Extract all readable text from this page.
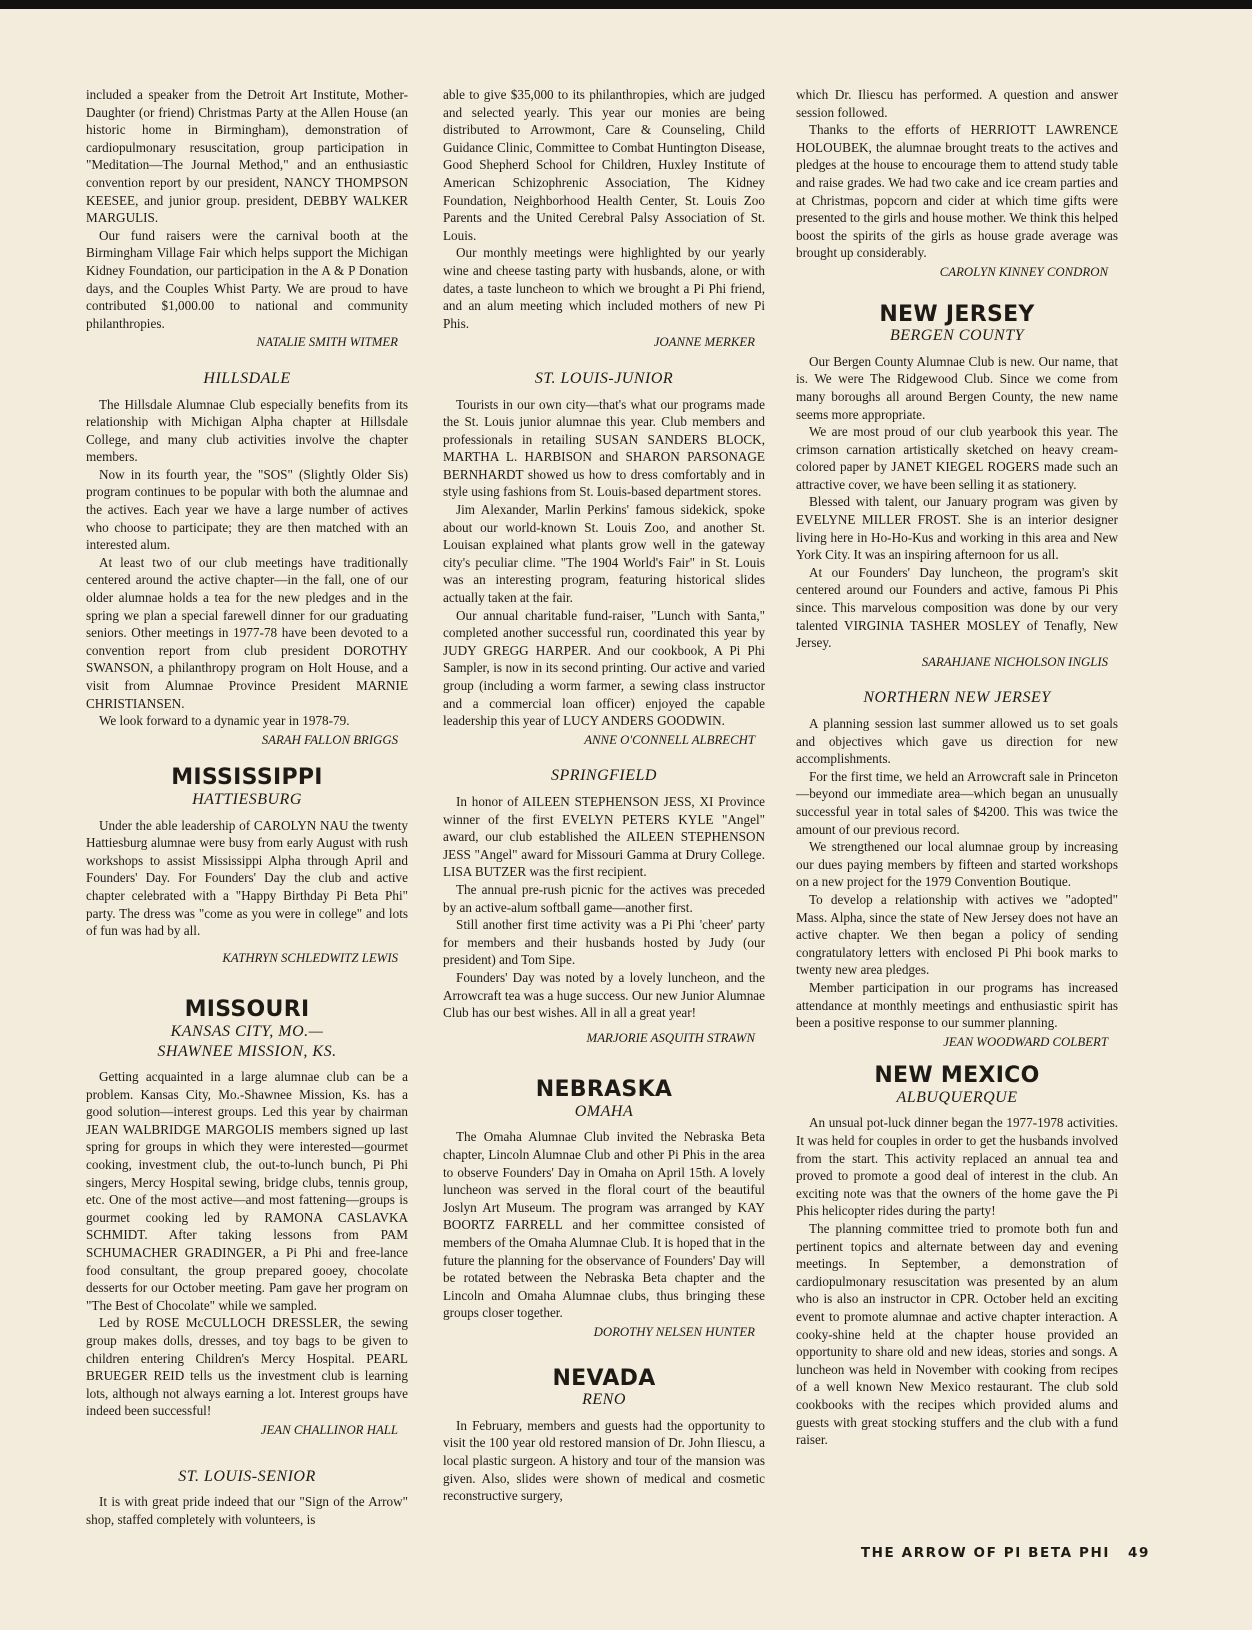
included a speaker from the Detroit Art Institute, Mother-Daughter (or friend) Christmas Party at the Allen House (an historic home in Birmingham), demonstration of cardiopulmonary resuscitation, group participation in "Meditation—The Journal Method," and an enthusiastic convention report by our president, NANCY THOMPSON KEESEE, and junior group. president, DEBBY WALKER MARGULIS.

Our fund raisers were the carnival booth at the Birmingham Village Fair which helps support the Michigan Kidney Foundation, our participation in the A & P Donation days, and the Couples Whist Party. We are proud to have contributed $1,000.00 to national and community philanthropies.

NATALIE SMITH WITMER
HILLSDALE

The Hillsdale Alumnae Club especially benefits from its relationship with Michigan Alpha chapter at Hillsdale College, and many club activities involve the chapter members.

Now in its fourth year, the "SOS" (Slightly Older Sis) program continues to be popular with both the alumnae and the actives. Each year we have a large number of actives who choose to participate; they are then matched with an interested alum.

At least two of our club meetings have traditionally centered around the active chapter—in the fall, one of our older alumnae holds a tea for the new pledges and in the spring we plan a special farewell dinner for our graduating seniors. Other meetings in 1977-78 have been devoted to a convention report from club president DOROTHY SWANSON, a philanthropy program on Holt House, and a visit from Alumnae Province President MARNIE CHRISTIANSEN.

We look forward to a dynamic year in 1978-79.

SARAH FALLON BRIGGS
MISSISSIPPI
HATTIESBURG

Under the able leadership of CAROLYN NAU the twenty Hattiesburg alumnae were busy from early August with rush workshops to assist Mississippi Alpha through April and Founders' Day. For Founders' Day the club and active chapter celebrated with a "Happy Birthday Pi Beta Phi" party. The dress was "come as you were in college" and lots of fun was had by all.

KATHRYN SCHLEDWITZ LEWIS
MISSOURI
KANSAS CITY, MO.—
SHAWNEE MISSION, KS.

Getting acquainted in a large alumnae club can be a problem. Kansas City, Mo.-Shawnee Mission, Ks. has a good solution—interest groups. Led this year by chairman JEAN WALBRIDGE MARGOLIS members signed up last spring for groups in which they were interested—gourmet cooking, investment club, the out-to-lunch bunch, Pi Phi singers, Mercy Hospital sewing, bridge clubs, tennis group, etc. One of the most active—and most fattening—groups is gourmet cooking led by RAMONA CASLAVKA SCHMIDT. After taking lessons from PAM SCHUMACHER GRADINGER, a Pi Phi and free-lance food consultant, the group prepared gooey, chocolate desserts for our October meeting. Pam gave her program on "The Best of Chocolate" while we sampled.

Led by ROSE McCULLOCH DRESSLER, the sewing group makes dolls, dresses, and toy bags to be given to children entering Children's Mercy Hospital. PEARL BRUEGER REID tells us the investment club is learning lots, although not always earning a lot. Interest groups have indeed been successful!

JEAN CHALLINOR HALL
ST. LOUIS-SENIOR

It is with great pride indeed that our "Sign of the Arrow" shop, staffed completely with volunteers, is

able to give $35,000 to its philanthropies, which are judged and selected yearly. This year our monies are being distributed to Arrowmont, Care & Counseling, Child Guidance Clinic, Committee to Combat Huntington Disease, Good Shepherd School for Children, Huxley Institute of American Schizophrenic Association, The Kidney Foundation, Neighborhood Health Center, St. Louis Zoo Parents and the United Cerebral Palsy Association of St. Louis.

Our monthly meetings were highlighted by our yearly wine and cheese tasting party with husbands, alone, or with dates, a taste luncheon to which we brought a Pi Phi friend, and an alum meeting which included mothers of new Pi Phis.

JOANNE MERKER
ST. LOUIS-JUNIOR

Tourists in our own city—that's what our programs made the St. Louis junior alumnae this year. Club members and professionals in retailing SUSAN SANDERS BLOCK, MARTHA L. HARBISON and SHARON PARSONAGE BERNHARDT showed us how to dress comfortably and in style using fashions from St. Louis-based department stores.

Jim Alexander, Marlin Perkins' famous sidekick, spoke about our world-known St. Louis Zoo, and another St. Louisan explained what plants grow well in the gateway city's peculiar clime. "The 1904 World's Fair" in St. Louis was an interesting program, featuring historical slides actually taken at the fair.

Our annual charitable fund-raiser, "Lunch with Santa," completed another successful run, coordinated this year by JUDY GREGG HARPER. And our cookbook, A Pi Phi Sampler, is now in its second printing. Our active and varied group (including a worm farmer, a sewing class instructor and a commercial loan officer) enjoyed the capable leadership this year of LUCY ANDERS GOODWIN.

ANNE O'CONNELL ALBRECHT
SPRINGFIELD

In honor of AILEEN STEPHENSON JESS, XI Province winner of the first EVELYN PETERS KYLE "Angel" award, our club established the AILEEN STEPHENSON JESS "Angel" award for Missouri Gamma at Drury College. LISA BUTZER was the first recipient.

The annual pre-rush picnic for the actives was preceded by an active-alum softball game—another first.

Still another first time activity was a Pi Phi 'cheer' party for members and their husbands hosted by Judy (our president) and Tom Sipe.

Founders' Day was noted by a lovely luncheon, and the Arrowcraft tea was a huge success. Our new Junior Alumnae Club has our best wishes. All in all a great year!

MARJORIE ASQUITH STRAWN
NEBRASKA
OMAHA

The Omaha Alumnae Club invited the Nebraska Beta chapter, Lincoln Alumnae Club and other Pi Phis in the area to observe Founders' Day in Omaha on April 15th. A lovely luncheon was served in the floral court of the beautiful Joslyn Art Museum. The program was arranged by KAY BOORTZ FARRELL and her committee consisted of members of the Omaha Alumnae Club. It is hoped that in the future the planning for the observance of Founders' Day will be rotated between the Nebraska Beta chapter and the Lincoln and Omaha Alumnae clubs, thus bringing these groups closer together.

DOROTHY NELSEN HUNTER
NEVADA
RENO

In February, members and guests had the opportunity to visit the 100 year old restored mansion of Dr. John Iliescu, a local plastic surgeon. A history and tour of the mansion was given. Also, slides were shown of medical and cosmetic reconstructive surgery,

which Dr. Iliescu has performed. A question and answer session followed.

Thanks to the efforts of HERRIOTT LAWRENCE HOLOUBEK, the alumnae brought treats to the actives and pledges at the house to encourage them to attend study table and raise grades. We had two cake and ice cream parties and at Christmas, popcorn and cider at which time gifts were presented to the girls and house mother. We think this helped boost the spirits of the girls as house grade average was brought up considerably.

CAROLYN KINNEY CONDRON
NEW JERSEY
BERGEN COUNTY

Our Bergen County Alumnae Club is new. Our name, that is. We were The Ridgewood Club. Since we come from many boroughs all around Bergen County, the new name seems more appropriate.

We are most proud of our club yearbook this year. The crimson carnation artistically sketched on heavy cream-colored paper by JANET KIEGEL ROGERS made such an attractive cover, we have been selling it as stationery.

Blessed with talent, our January program was given by EVELYNE MILLER FROST. She is an interior designer living here in Ho-Ho-Kus and working in this area and New York City. It was an inspiring afternoon for us all.

At our Founders' Day luncheon, the program's skit centered around our Founders and active, famous Pi Phis since. This marvelous composition was done by our very talented VIRGINIA TASHER MOSLEY of Tenafly, New Jersey.

SARAHJANE NICHOLSON INGLIS
NORTHERN NEW JERSEY

A planning session last summer allowed us to set goals and objectives which gave us direction for new accomplishments.

For the first time, we held an Arrowcraft sale in Princeton—beyond our immediate area—which began an unusually successful year in total sales of $4200. This was twice the amount of our previous record.

We strengthened our local alumnae group by increasing our dues paying members by fifteen and started workshops on a new project for the 1979 Convention Boutique.

To develop a relationship with actives we "adopted" Mass. Alpha, since the state of New Jersey does not have an active chapter. We then began a policy of sending congratulatory letters with enclosed Pi Phi book marks to twenty new area pledges.

Member participation in our programs has increased attendance at monthly meetings and enthusiastic spirit has been a positive response to our summer planning.

JEAN WOODWARD COLBERT
NEW MEXICO
ALBUQUERQUE

An unsual pot-luck dinner began the 1977-1978 activities. It was held for couples in order to get the husbands involved from the start. This activity replaced an annual tea and proved to promote a good deal of interest in the club. An exciting note was that the owners of the home gave the Pi Phis helicopter rides during the party!

The planning committee tried to promote both fun and pertinent topics and alternate between day and evening meetings. In September, a demonstration of cardiopulmonary resuscitation was presented by an alum who is also an instructor in CPR. October held an exciting event to promote alumnae and active chapter interaction. A cooky-shine held at the chapter house provided an opportunity to share old and new ideas, stories and songs. A luncheon was held in November with cooking from recipes of a well known New Mexico restaurant. The club sold cookbooks with the recipes which provided alums and guests with great stocking stuffers and the club with a fund raiser.

THE ARROW OF PI BETA PHI 49
